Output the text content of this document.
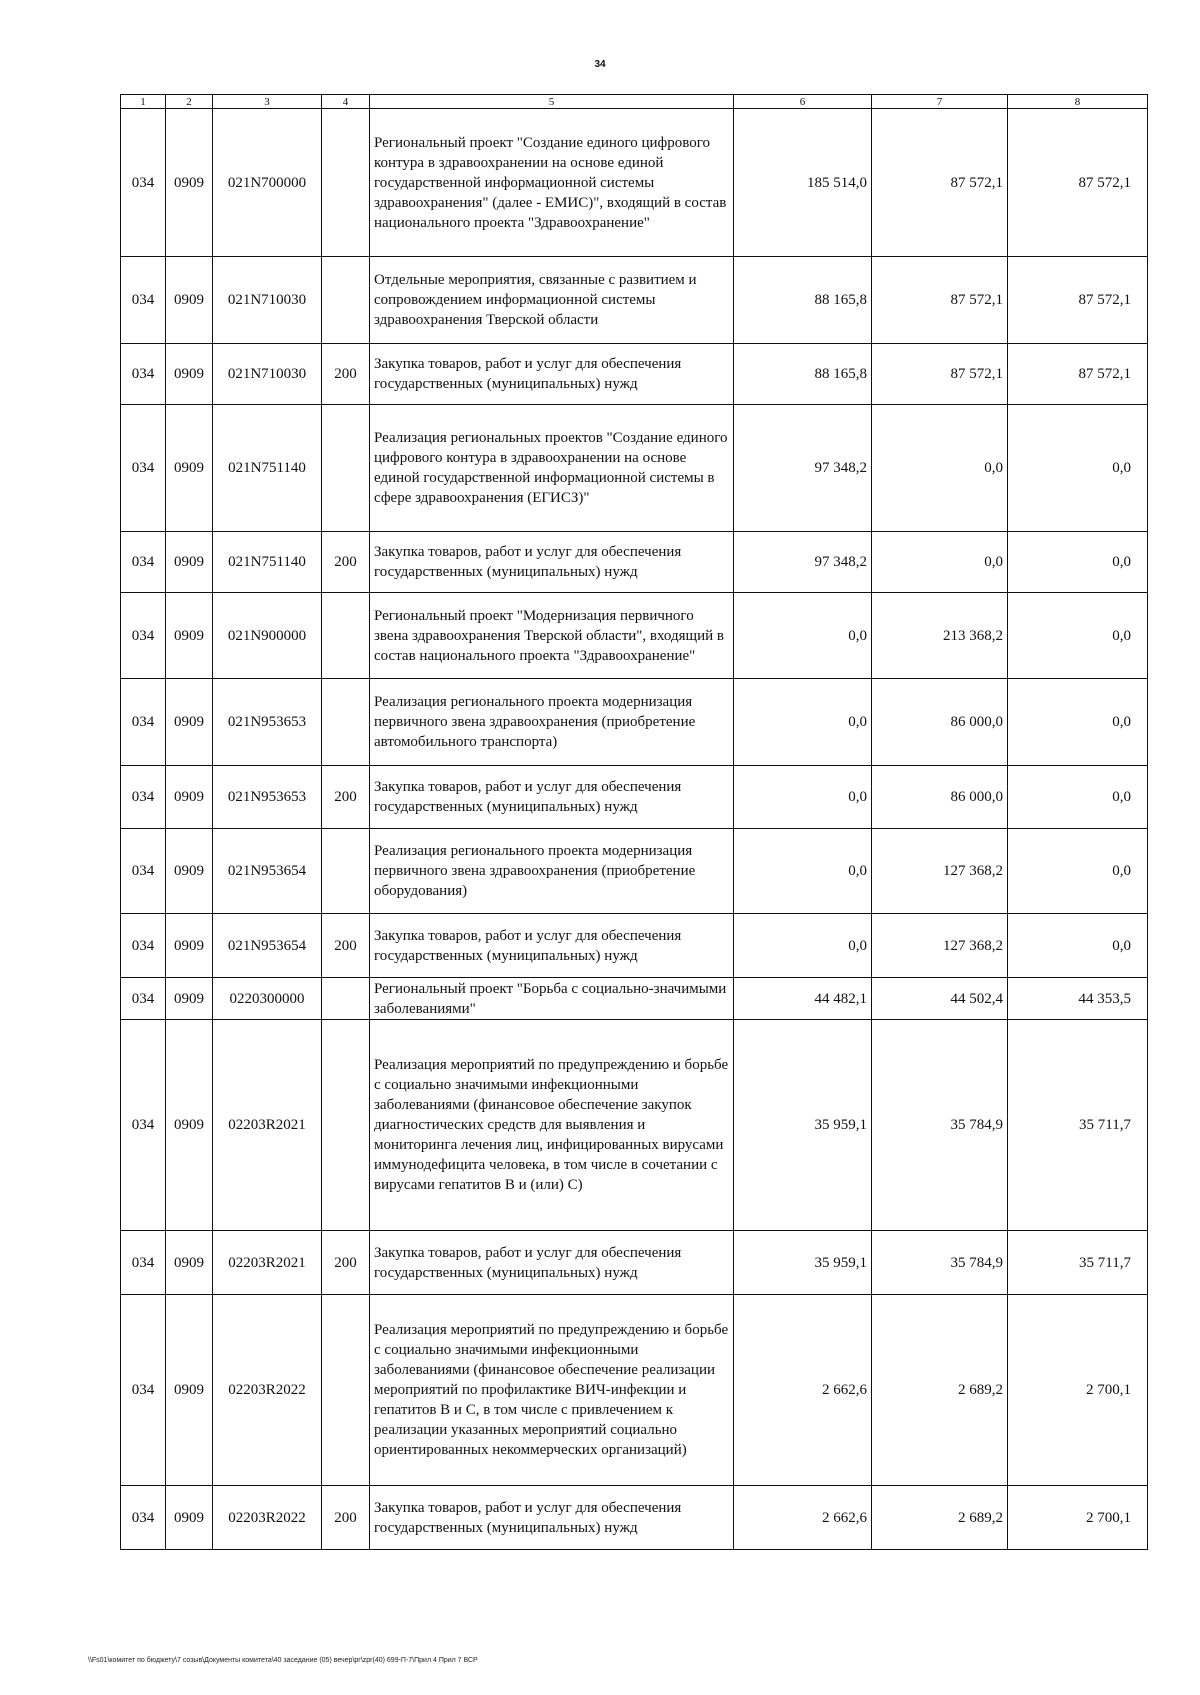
34
1	2	3	4	5	6	7	8
034	0909	021N700000		Региональный проект "Создание единого цифрового контура в здравоохранении на основе единой государственной информационной системы здравоохранения" (далее - ЕМИС)", входящий в состав национального проекта "Здравоохранение"	185 514,0	87 572,1	87 572,1
034	0909	021N710030		Отдельные мероприятия, связанные с развитием и сопровождением информационной системы здравоохранения Тверской области	88 165,8	87 572,1	87 572,1
034	0909	021N710030	200	Закупка товаров, работ и услуг для обеспечения государственных (муниципальных) нужд	88 165,8	87 572,1	87 572,1
034	0909	021N751140		Реализация региональных проектов "Создание единого цифрового контура в здравоохранении на основе единой государственной информационной системы в сфере здравоохранения (ЕГИСЗ)"	97 348,2	0,0	0,0
034	0909	021N751140	200	Закупка товаров, работ и услуг для обеспечения государственных (муниципальных) нужд	97 348,2	0,0	0,0
034	0909	021N900000		Региональный проект "Модернизация первичного звена здравоохранения Тверской области", входящий в состав национального проекта "Здравоохранение"	0,0	213 368,2	0,0
034	0909	021N953653		Реализация регионального проекта модернизация первичного звена здравоохранения (приобретение автомобильного транспорта)	0,0	86 000,0	0,0
034	0909	021N953653	200	Закупка товаров, работ и услуг для обеспечения государственных (муниципальных) нужд	0,0	86 000,0	0,0
034	0909	021N953654		Реализация регионального проекта модернизация первичного звена здравоохранения (приобретение оборудования)	0,0	127 368,2	0,0
034	0909	021N953654	200	Закупка товаров, работ и услуг для обеспечения государственных (муниципальных) нужд	0,0	127 368,2	0,0
034	0909	0220300000		Региональный проект "Борьба с социально-значимыми заболеваниями"	44 482,1	44 502,4	44 353,5
034	0909	02203R2021		Реализация мероприятий по предупреждению и борьбе с социально значимыми инфекционными заболеваниями (финансовое обеспечение закупок диагностических средств для выявления и мониторинга лечения лиц, инфицированных вирусами иммунодефицита человека, в том числе в сочетании с вирусами гепатитов В и (или) С)	35 959,1	35 784,9	35 711,7
034	0909	02203R2021	200	Закупка товаров, работ и услуг для обеспечения государственных (муниципальных) нужд	35 959,1	35 784,9	35 711,7
034	0909	02203R2022		Реализация мероприятий по предупреждению и борьбе с социально значимыми инфекционными заболеваниями (финансовое обеспечение реализации мероприятий по профилактике ВИЧ-инфекции и гепатитов В и С, в том числе с привлечением к реализации указанных мероприятий социально ориентированных некоммерческих организаций)	2 662,6	2 689,2	2 700,1
034	0909	02203R2022	200	Закупка товаров, работ и услуг для обеспечения государственных (муниципальных) нужд	2 662,6	2 689,2	2 700,1
\\Fs01\комитет по бюджету\7 созыв\Документы комитета\40 заседание (05) вечер\рг\zpr(40) 699-П-7\Прил 4 Прил 7 ВСР
